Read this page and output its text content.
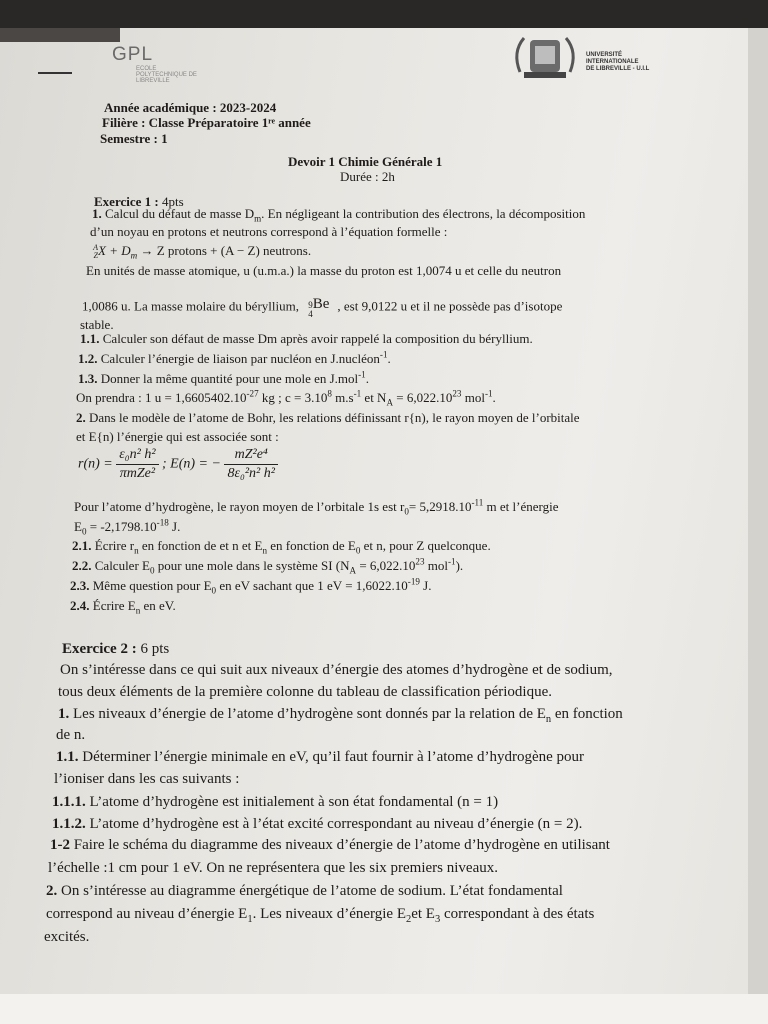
GPL
ECOLE POLYTECHNIQUE DE LIBREVILLE
UNIVERSITÉ
INTERNATIONALE
DE LIBREVILLE - U.I.L
Année académique : 2023-2024
Filière : Classe Préparatoire 1ʳᵉ année
Semestre : 1
Devoir 1 Chimie Générale 1
Durée : 2h
Exercice 1 : 4pts
1. Calcul du défaut de masse $D_m$. En négligeant la contribution des électrons, la décomposition
d’un noyau en protons et neutrons correspond à l’équation formelle :
A
ZX + $D_m \to Z$ protons + (A − Z) neutrons.
En unités de masse atomique, u (u.m.a.) la masse du proton est 1,0074 u et celle du neutron
1,0086 u. La masse molaire du béryllium, 9
4Be , est 9,0122 u et il ne possède pas d’isotope
stable.
1.1. Calculer son défaut de masse Dm après avoir rappelé la composition du béryllium.
1.2. Calculer l’énergie de liaison par nucléon en J.nucléon$^{-1}$.
1.3. Donner la même quantité pour une mole en J.mol$^{-1}$.
On prendra : 1 $u = 1,6605402.10^{-27}$ kg ; $c = 3.10^8$ $m.s^{-1}$ et $N_A = 6,022.10^{23}$ mol$^{-1}$.
2. Dans le modèle de l’atome de Bohr, les relations définissant r{n), le rayon moyen de l’orbitale
et E{n) l’énergie qui est associée sont :
$r(n) = \frac{\text{ε₀n² h²}}{\text{πmZe²}}$ ; E(n) = − $\frac{\text{mZ²e⁴}}{\text{8ε₀²n² h²}}$
Pour l’atome d’hydrogène, le rayon moyen de l’orbitale 1s est $r_0= 5,2918.10^{-11}$ m et l’énergie
$E_0 = -2,1798.10^{-18}$ J.
2.1. Écrire $r_n$ en fonction de et n et $E_n$ en fonction de $E_0$ et n, pour Z quelconque.
2.2. Calculer $E_0$ pour une mole dans le système SI ($N_A = 6,022.10^{23}$ mol$^{-1}$).
2.3. Même question pour $E_0$ en eV sachant que 1 eV = $1,6022.10^{-19}$ J.
2.4. Écrire $E_n$ en eV.
Exercice 2 : 6 pts
On s’intéresse dans ce qui suit aux niveaux d’énergie des atomes d’hydrogène et de sodium,
tous deux éléments de la première colonne du tableau de classification périodique.
1. Les niveaux d’énergie de l’atome d’hydrogène sont donnés par la relation de $E_n$ en fonction
de n.
1.1. Déterminer l’énergie minimale en eV, qu’il faut fournir à l’atome d’hydrogène pour
l’ioniser dans les cas suivants :
1.1.1. L’atome d’hydrogène est initialement à son état fondamental (n = 1)
1.1.2. L’atome d’hydrogène est à l’état excité correspondant au niveau d’énergie (n = 2).
1-2 Faire le schéma du diagramme des niveaux d’énergie de l’atome d’hydrogène en utilisant
l’échelle :1 cm pour 1 eV. On ne représentera que les six premiers niveaux.
2. On s’intéresse au diagramme énergétique de l’atome de sodium. L’état fondamental
correspond au niveau d’énergie $E_1$. Les niveaux d’énergie $E_2et$ $E_3$ correspondant à des états
excités.
